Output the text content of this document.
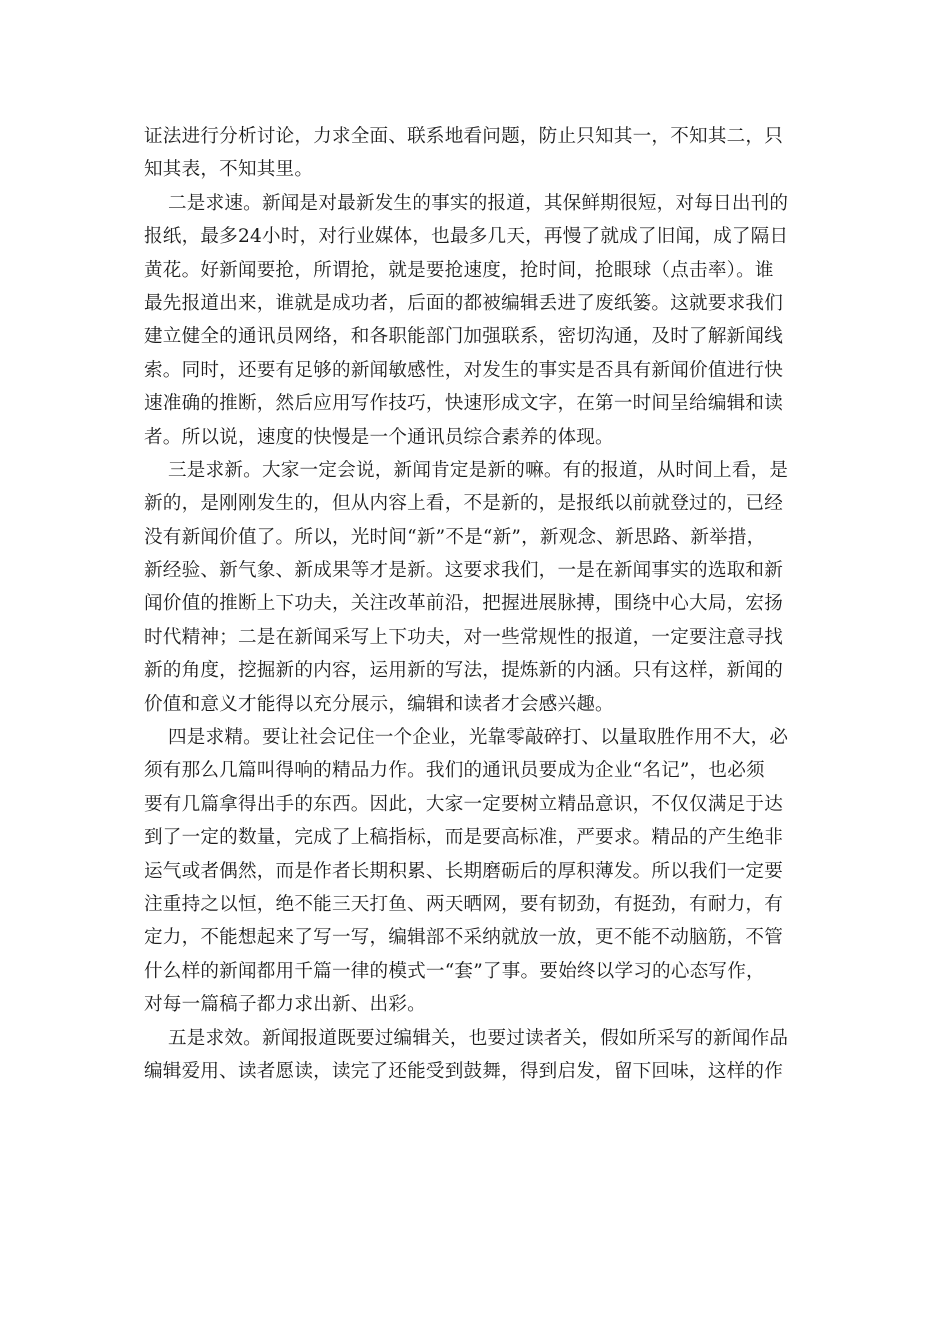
证法进行分析讨论，力求全面、联系地看问题，防止只知其一，不知其二，只
知其表，不知其里。
二是求速。新闻是对最新发生的事实的报道，其保鲜期很短，对每日出刊的
报纸，最多24小时，对行业媒体，也最多几天，再慢了就成了旧闻，成了隔日
黄花。好新闻要抢，所谓抢，就是要抢速度，抢时间，抢眼球（点击率）。谁
最先报道出来，谁就是成功者，后面的都被编辑丢进了废纸篓。这就要求我们
建立健全的通讯员网络，和各职能部门加强联系，密切沟通，及时了解新闻线
索。同时，还要有足够的新闻敏感性，对发生的事实是否具有新闻价值进行快
速准确的推断，然后应用写作技巧，快速形成文字，在第一时间呈给编辑和读
者。所以说，速度的快慢是一个通讯员综合素养的体现。
三是求新。大家一定会说，新闻肯定是新的嘛。有的报道，从时间上看，是
新的，是刚刚发生的，但从内容上看，不是新的，是报纸以前就登过的，已经
没有新闻价值了。所以，光时间“新”不是“新”，新观念、新思路、新举措，
新经验、新气象、新成果等才是新。这要求我们，一是在新闻事实的选取和新
闻价值的推断上下功夫，关注改革前沿，把握进展脉搏，围绕中心大局，宏扬
时代精神；二是在新闻采写上下功夫，对一些常规性的报道，一定要注意寻找
新的角度，挖掘新的内容，运用新的写法，提炼新的内涵。只有这样，新闻的
价值和意义才能得以充分展示，编辑和读者才会感兴趣。
四是求精。要让社会记住一个企业，光靠零敲碎打、以量取胜作用不大，必
须有那么几篇叫得响的精品力作。我们的通讯员要成为企业“名记”，也必须
要有几篇拿得出手的东西。因此，大家一定要树立精品意识，不仅仅满足于达
到了一定的数量，完成了上稿指标，而是要高标准，严要求。精品的产生绝非
运气或者偶然，而是作者长期积累、长期磨砺后的厚积薄发。所以我们一定要
注重持之以恒，绝不能三天打鱼、两天晒网，要有韧劲，有挺劲，有耐力，有
定力，不能想起来了写一写，编辑部不采纳就放一放，更不能不动脑筋，不管
什么样的新闻都用千篇一律的模式一“套”了事。要始终以学习的心态写作，
对每一篇稿子都力求出新、出彩。
五是求效。新闻报道既要过编辑关，也要过读者关，假如所采写的新闻作品
编辑爱用、读者愿读，读完了还能受到鼓舞，得到启发，留下回味，这样的作
